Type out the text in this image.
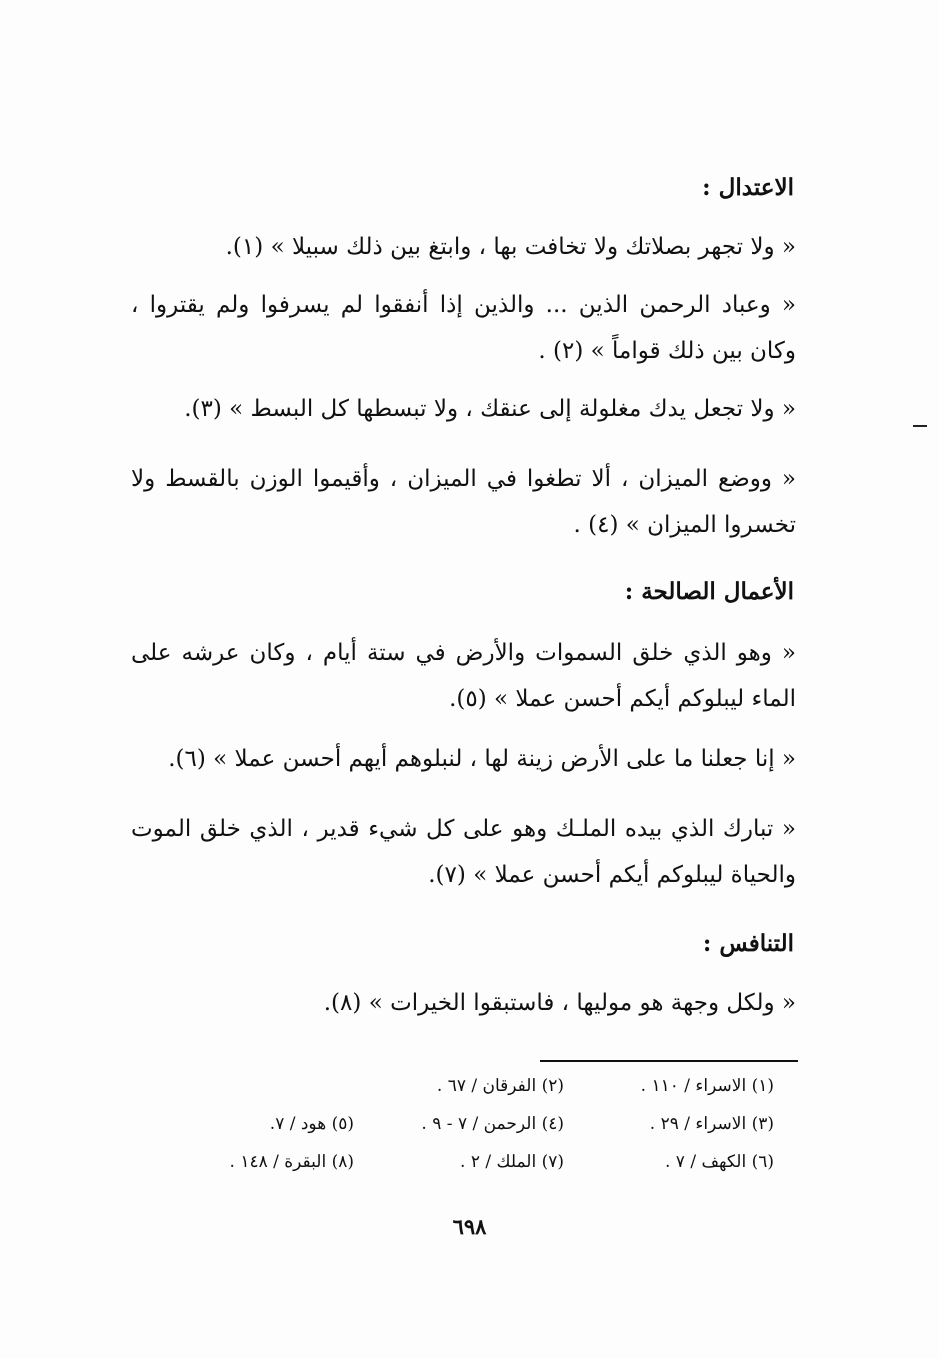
الاعتدال :
« ولا تجهر بصلاتك ولا تخافت بها ، وابتغ بين ذلك سبيلا » (١).
« وعباد الرحمن الذين ... والذين إذا أنفقوا لم يسرفوا ولم يقتروا ، وكان بين ذلك قواماً » (٢) .
« ولا تجعل يدك مغلولة إلى عنقك ، ولا تبسطها كل البسط » (٣).
« ووضع الميزان ، ألا تطغوا في الميزان ، وأقيموا الوزن بالقسط ولا تخسروا الميزان » (٤) .
الأعمال الصالحة :
« وهو الذي خلق السموات والأرض في ستة أيام ، وكان عرشه على الماء ليبلوكم أيكم أحسن عملا » (٥).
« إنا جعلنا ما على الأرض زينة لها ، لنبلوهم أيهم أحسن عملا » (٦).
« تبارك الذي بيده الملـك وهو على كل شيء قدير ، الذي خلق الموت والحياة ليبلوكم أيكم أحسن عملا » (٧).
التنافس :
« ولكل وجهة هو موليها ، فاستبقوا الخيرات » (٨).
(١) الاسراء / ١١٠ .
(٢) الفرقان / ٦٧ .
(٣) الاسراء / ٢٩ .
(٤) الرحمن / ٧ - ٩ .
(٥) هود / ٧.
(٦) الكهف / ٧ .
(٧) الملك / ٢ .
(٨) البقرة / ١٤٨ .
٦٩٨
